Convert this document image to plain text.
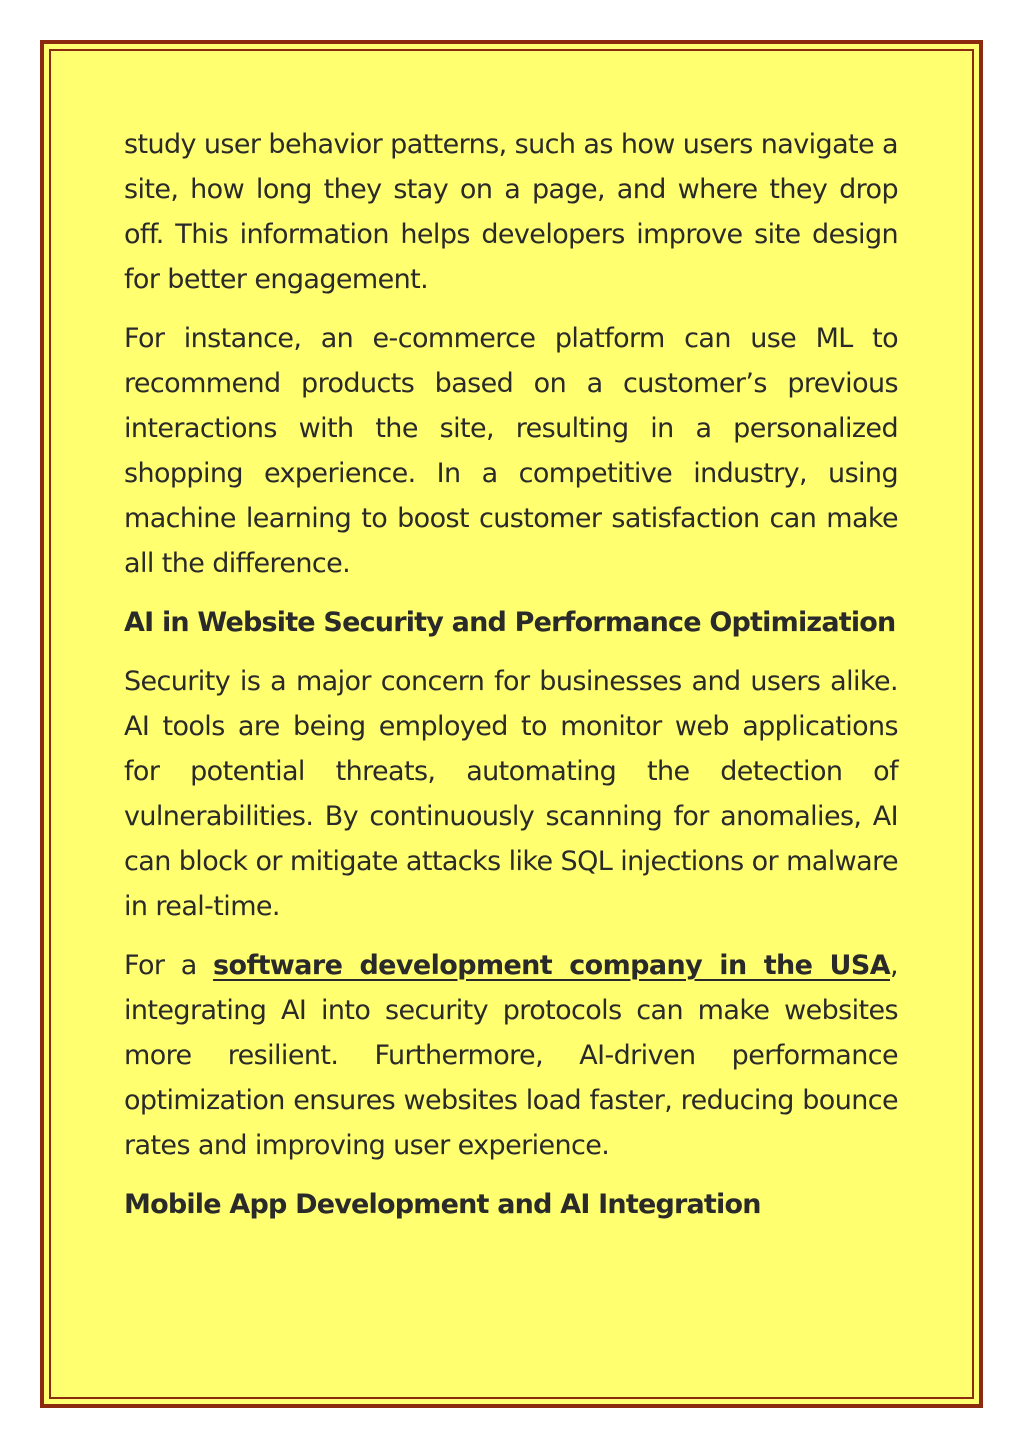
study user behavior patterns, such as how users navigate a site, how long they stay on a page, and where they drop off. This information helps developers improve site design for better engagement.

For instance, an e-commerce platform can use ML to recommend products based on a customer’s previous interactions with the site, resulting in a personalized shopping experience. In a competitive industry, using machine learning to boost customer satisfaction can make all the difference.

AI in Website Security and Performance Optimization

Security is a major concern for businesses and users alike. AI tools are being employed to monitor web applications for potential threats, automating the detection of vulnerabilities. By continuously scanning for anomalies, AI can block or mitigate attacks like SQL injections or malware in real-time.

For a software development company in the USA, integrating AI into security protocols can make websites more resilient. Furthermore, AI-driven performance optimization ensures websites load faster, reducing bounce rates and improving user experience.

Mobile App Development and AI Integration
